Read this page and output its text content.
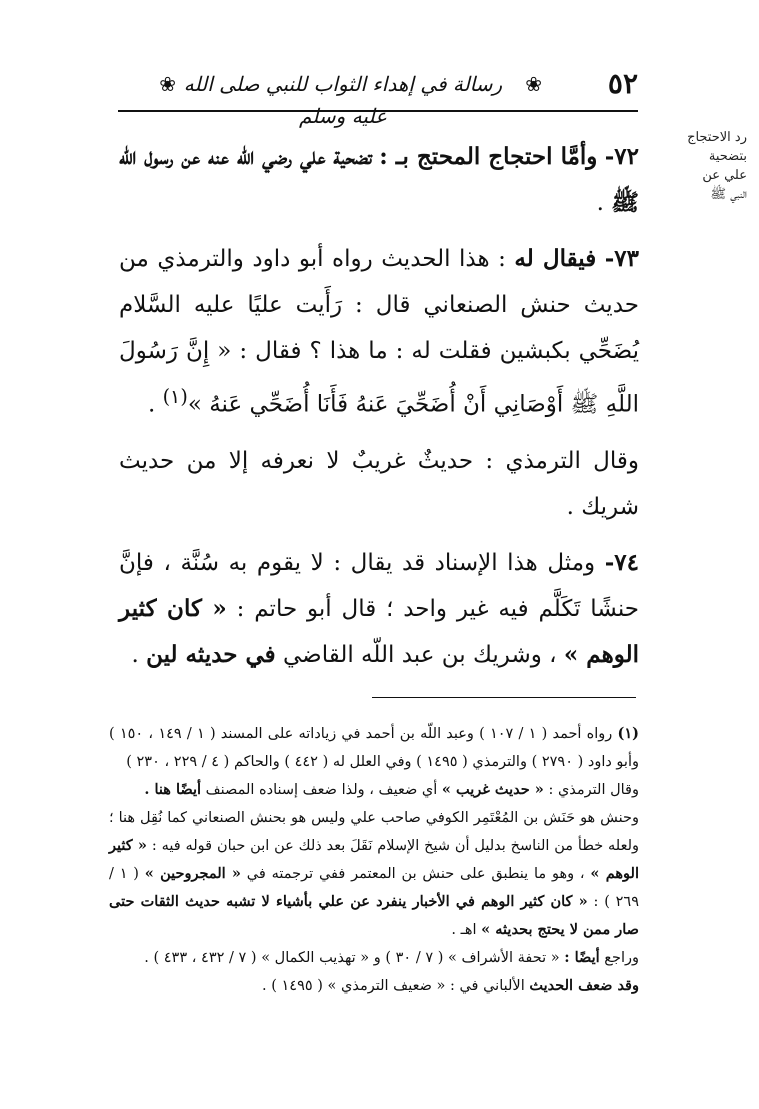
٥٢
❀ رسالة في إهداء الثواب للنبي صلى الله عليه وسلم
❀
رد الاحتجاج
بتضحية
علي عن
النبي ﷺ

٧٢- وأمَّا احتجاج المحتج بـ : تضحية علي رضي اللّه عنه عن رسول اللّه ﷺ .

٧٣- فيقال له : هذا الحديث رواه أبو داود والترمذي من حديث حنش الصنعاني قال : رَأَيت عليًا عليه السَّلام يُضَحِّي بكبشين فقلت له : ما هذا ؟ فقال : « إِنَّ رَسُولَ اللَّهِ ﷺ أَوْصَانِي أَنْ أُضَحِّيَ عَنهُ فَأَنَا أُضَحِّي عَنهُ »$^{(١)}$ .

وقال الترمذي : حديثٌ غريبٌ لا نعرفه إلا من حديث شريك .

٧٤- ومثل هذا الإسناد قد يقال : لا يقوم به سُنَّة ، فإنَّ حنشًا تَكَلَّم فيه غير واحد ؛ قال أبو حاتم : « كان كثير الوهم » ، وشريك بن عبد اللّه القاضي في حديثه لين .

(١) رواه أحمد ( ١ / ١٠٧ ) وعبد اللّه بن أحمد في زياداته على المسند ( ١ / ١٤٩ ، ١٥٠ ) وأبو داود ( ٢٧٩٠ ) والترمذي ( ١٤٩٥ ) وفي العلل له ( ٤٤٢ ) والحاكم ( ٤ / ٢٢٩ ، ٢٣٠ )

وقال الترمذي : « حديث غريب » أي ضعيف ، ولذا ضعف إسناده المصنف أيضًا هنا .

وحنش هو حَنَش بن المُعْتَمِر الكوفي صاحب علي وليس هو بحنش الصنعاني كما نُقِل هنا ؛ ولعله خطأ من الناسخ بدليل أن شيخ الإسلام نَقَلَ بعد ذلك عن ابن حبان قوله فيه : « كثير الوهم » ، وهو ما ينطبق على حنش بن المعتمر ففي ترجمته في « المجروحين » ( ١ / ٢٦٩ ) : « كان كثير الوهم في الأخبار ينفرد عن علي بأشياء لا تشبه حديث الثقات حتى صار ممن لا يحتج بحديثه » اهـ .

وراجع أيضًا : « تحفة الأشراف » ( ٧ / ٣٠ ) و « تهذيب الكمال » ( ٧ / ٤٣٢ ، ٤٣٣ ) .

وقد ضعف الحديث الألباني في : « ضعيف الترمذي » ( ١٤٩٥ ) .
